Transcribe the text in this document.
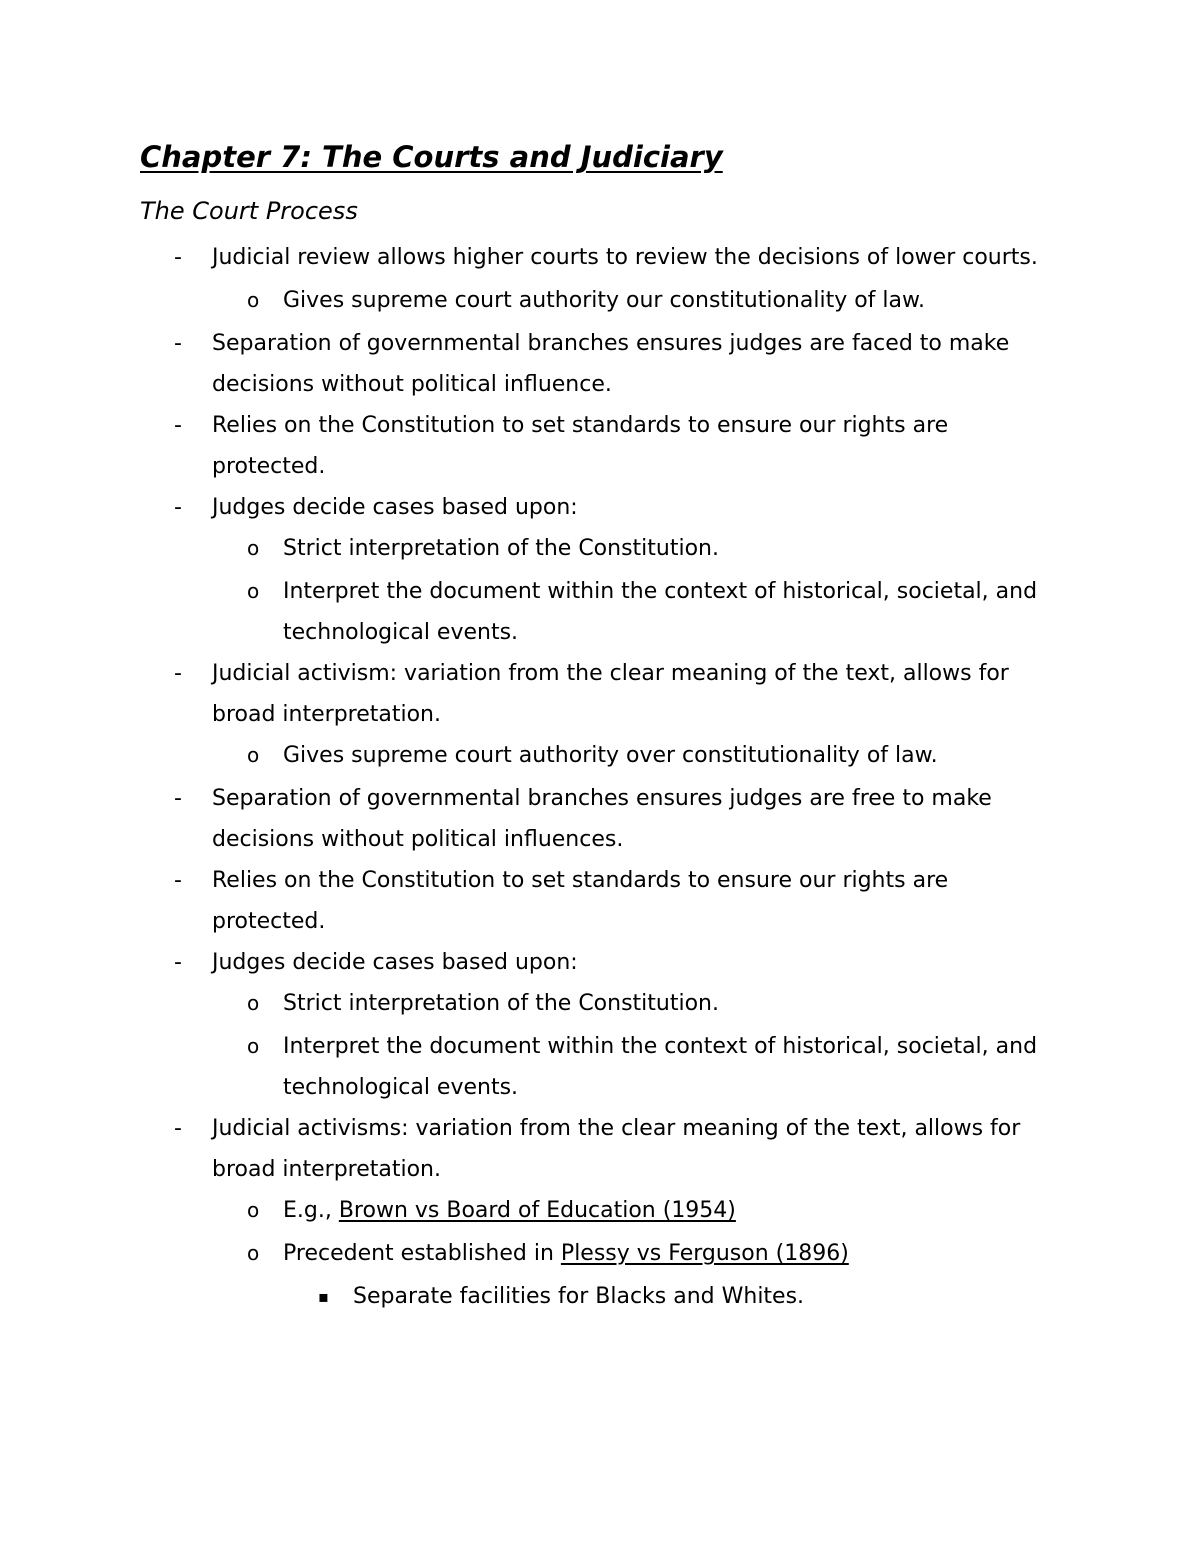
Chapter 7: The Courts and Judiciary
The Court Process
- Judicial review allows higher courts to review the decisions of lower courts.
o Gives supreme court authority our constitutionality of law.
- Separation of governmental branches ensures judges are faced to make decisions without political influence.
- Relies on the Constitution to set standards to ensure our rights are protected.
- Judges decide cases based upon:
o Strict interpretation of the Constitution.
o Interpret the document within the context of historical, societal, and technological events.
- Judicial activism: variation from the clear meaning of the text, allows for broad interpretation.
o Gives supreme court authority over constitutionality of law.
- Separation of governmental branches ensures judges are free to make decisions without political influences.
- Relies on the Constitution to set standards to ensure our rights are protected.
- Judges decide cases based upon:
o Strict interpretation of the Constitution.
o Interpret the document within the context of historical, societal, and technological events.
- Judicial activisms: variation from the clear meaning of the text, allows for broad interpretation.
o E.g., Brown vs Board of Education (1954)
o Precedent established in Plessy vs Ferguson (1896)
▪ Separate facilities for Blacks and Whites.
